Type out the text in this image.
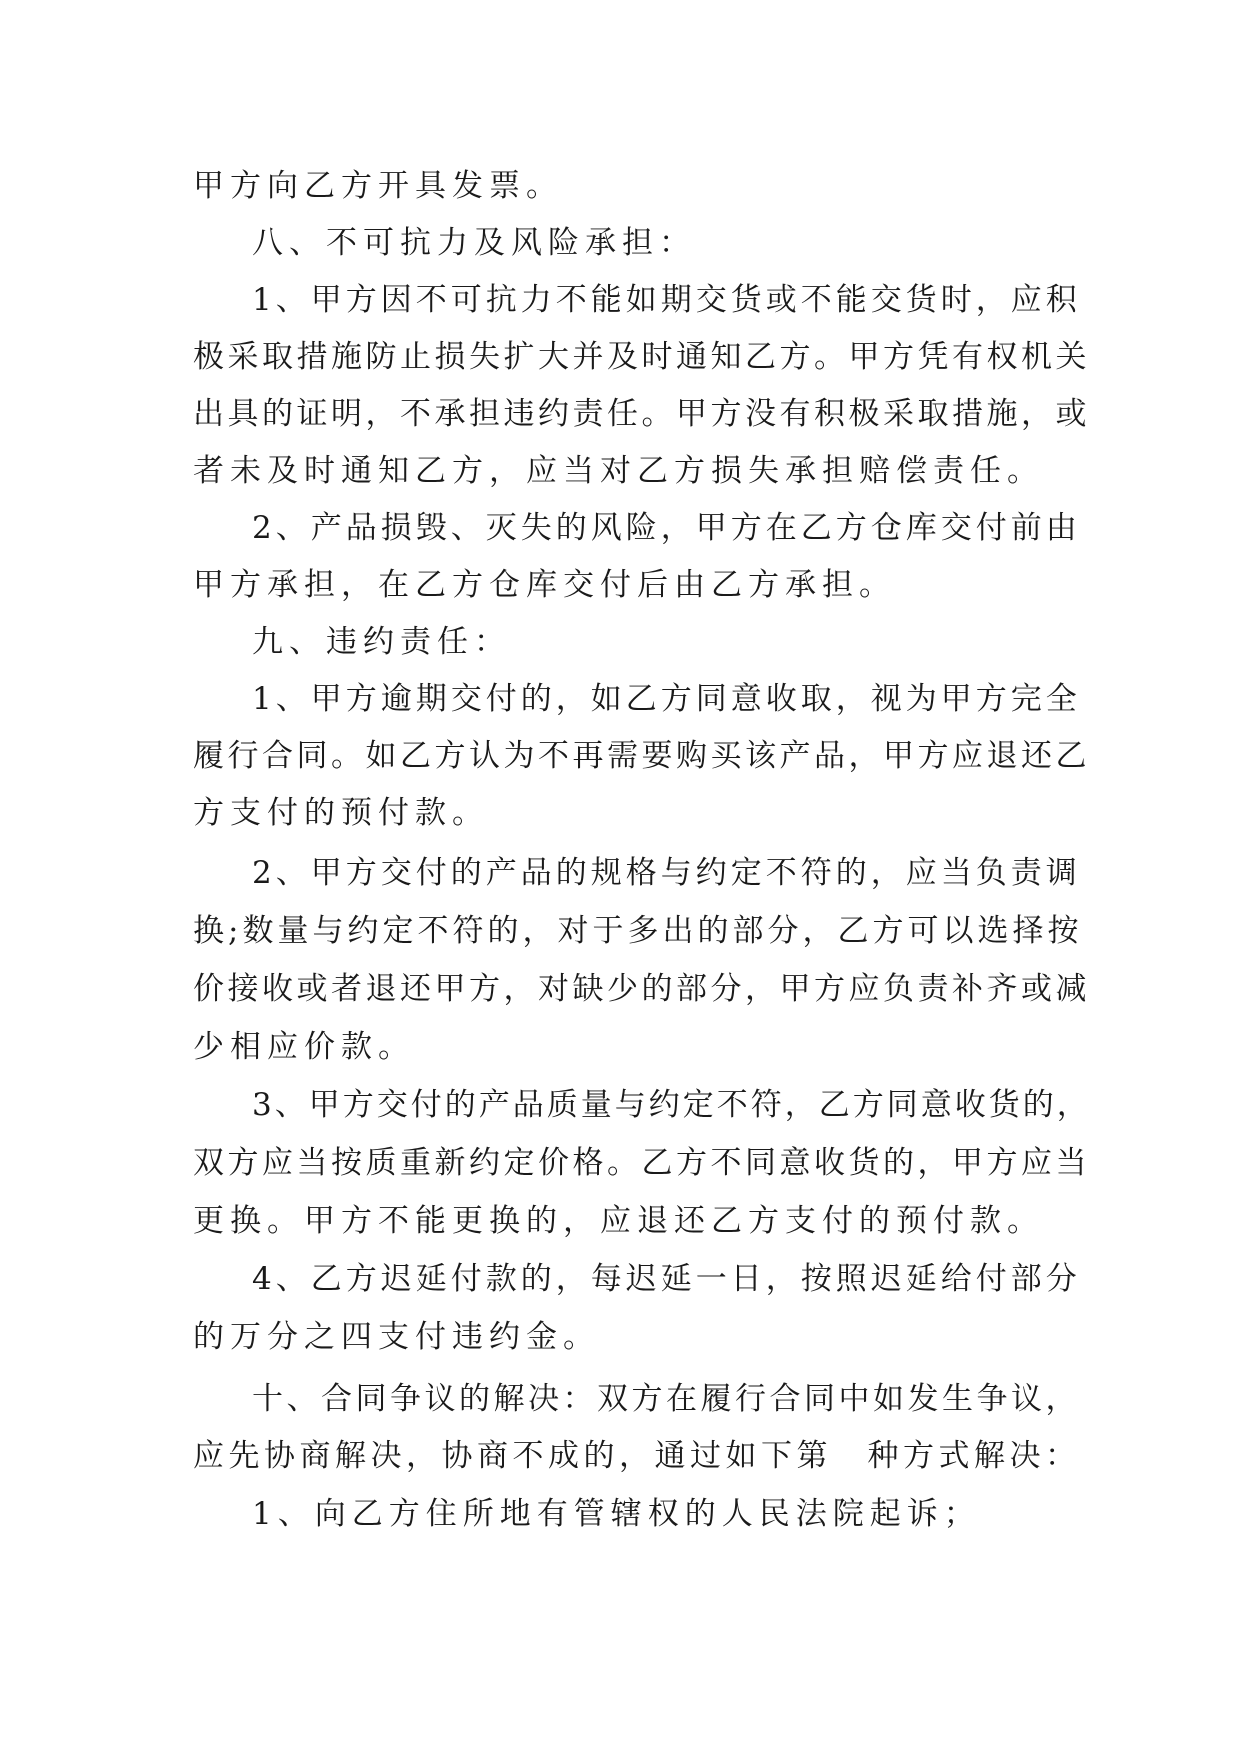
甲方向乙方开具发票。
八、不可抗力及风险承担：
1、甲方因不可抗力不能如期交货或不能交货时，应积
极采取措施防止损失扩大并及时通知乙方。甲方凭有权机关
出具的证明，不承担违约责任。甲方没有积极采取措施，或
者未及时通知乙方，应当对乙方损失承担赔偿责任。
2、产品损毁、灭失的风险，甲方在乙方仓库交付前由
甲方承担，在乙方仓库交付后由乙方承担。
九、违约责任：
1、甲方逾期交付的，如乙方同意收取，视为甲方完全
履行合同。如乙方认为不再需要购买该产品，甲方应退还乙
方支付的预付款。
2、甲方交付的产品的规格与约定不符的，应当负责调
换;数量与约定不符的，对于多出的部分，乙方可以选择按
价接收或者退还甲方，对缺少的部分，甲方应负责补齐或减
少相应价款。
3、甲方交付的产品质量与约定不符，乙方同意收货的，
双方应当按质重新约定价格。乙方不同意收货的，甲方应当
更换。甲方不能更换的，应退还乙方支付的预付款。
4、乙方迟延付款的，每迟延一日，按照迟延给付部分
的万分之四支付违约金。
十、合同争议的解决：双方在履行合同中如发生争议，
应先协商解决，协商不成的，通过如下第　种方式解决：
1、向乙方住所地有管辖权的人民法院起诉；
